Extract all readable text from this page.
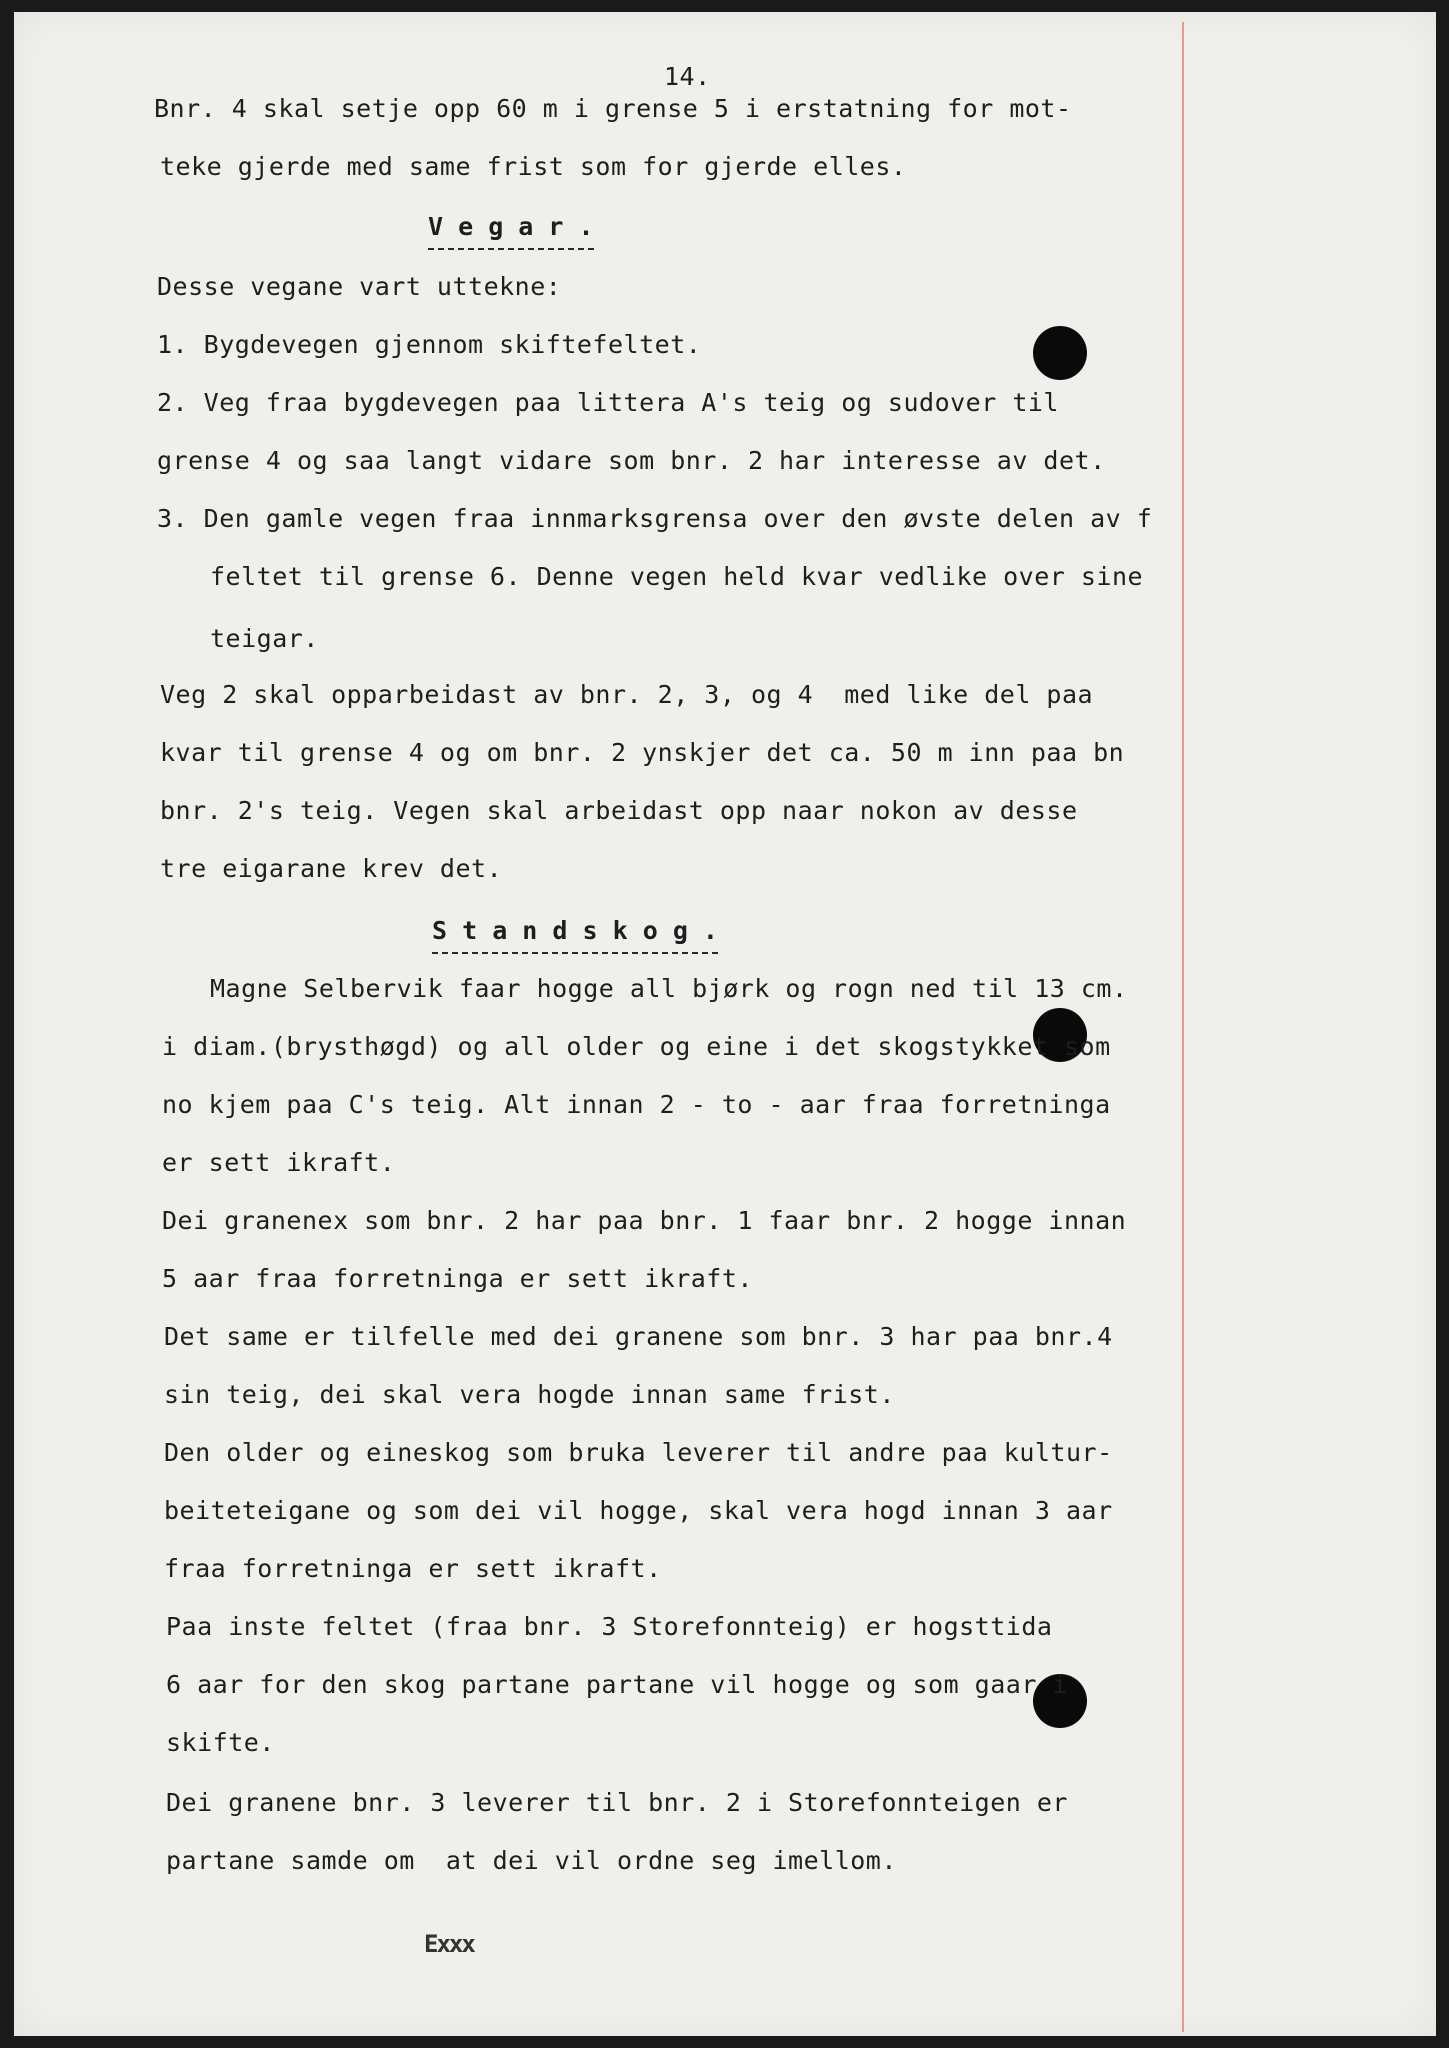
14.
Bnr. 4 skal setje opp 60 m i grense 5 i erstatning for mot-
teke gjerde med same frist som for gjerde elles.
V e g a r .
Desse vegane vart uttekne:
1. Bygdevegen gjennom skiftefeltet.
2. Veg fraa bygdevegen paa littera A's teig og sudover til
grense 4 og saa langt vidare som bnr. 2 har interesse av det.
3. Den gamle vegen fraa innmarksgrensa over den øvste delen av f
feltet til grense 6. Denne vegen held kvar vedlike over sine
teigar.
Veg 2 skal opparbeidast av bnr. 2, 3, og 4  med like del paa
kvar til grense 4 og om bnr. 2 ynskjer det ca. 50 m inn paa bn
bnr. 2's teig. Vegen skal arbeidast opp naar nokon av desse
tre eigarane krev det.
S t a n d s k o g .
Magne Selbervik faar hogge all bjørk og rogn ned til 13 cm.
i diam.(brysthøgd) og all older og eine i det skogstykket som
no kjem paa C's teig. Alt innan 2 - to - aar fraa forretninga
er sett ikraft.
Dei granenex som bnr. 2 har paa bnr. 1 faar bnr. 2 hogge innan
5 aar fraa forretninga er sett ikraft.
Det same er tilfelle med dei granene som bnr. 3 har paa bnr.4
sin teig, dei skal vera hogde innan same frist.
Den older og eineskog som bruka leverer til andre paa kultur-
beiteteigane og som dei vil hogge, skal vera hogd innan 3 aar
fraa forretninga er sett ikraft.
Paa inste feltet (fraa bnr. 3 Storefonnteig) er hogsttida
6 aar for den skog partane partane vil hogge og som gaar i
skifte.
Dei granene bnr. 3 leverer til bnr. 2 i Storefonnteigen er
partane samde om  at dei vil ordne seg imellom.
Exxx
